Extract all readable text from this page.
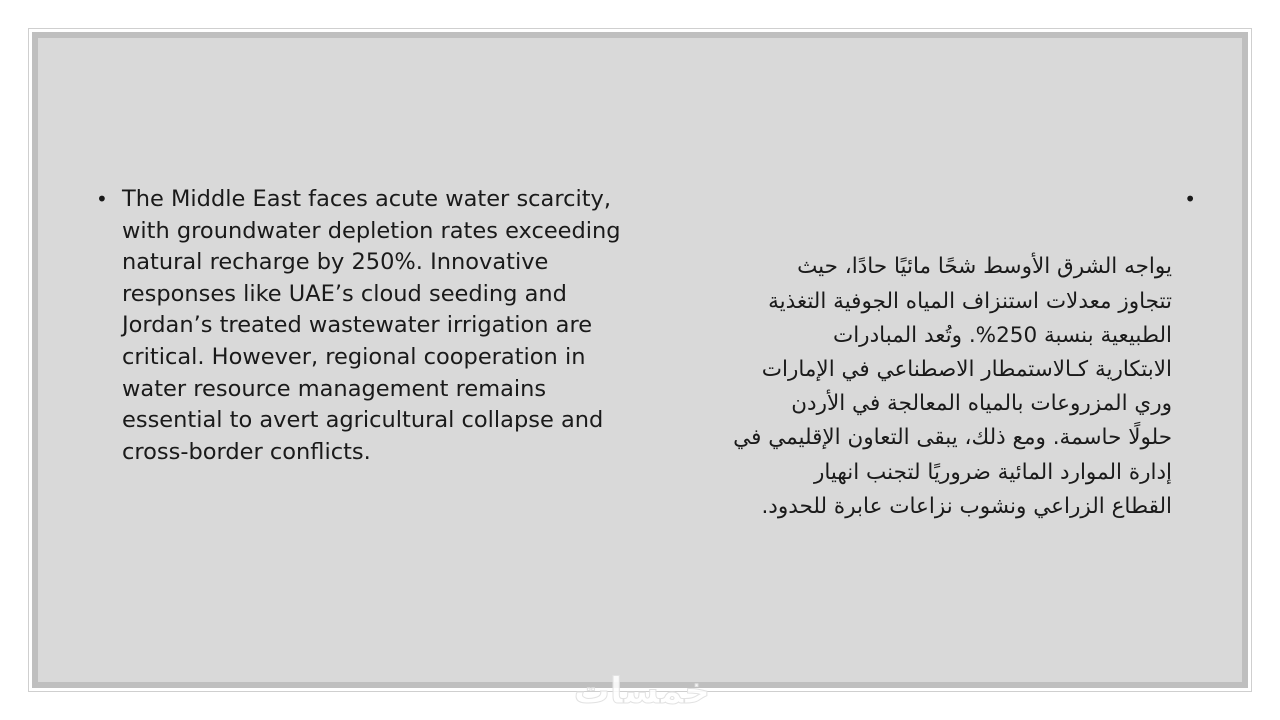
• The Middle East faces acute water scarcity, with groundwater depletion rates exceeding natural recharge by 250%. Innovative responses like UAE’s cloud seeding and Jordan’s treated wastewater irrigation are critical. However, regional cooperation in water resource management remains essential to avert agricultural collapse and cross-border conflicts.

•

يواجه الشرق الأوسط شحًا مائيًا حادًا، حيث
تتجاوز معدلات استنزاف المياه الجوفية التغذية
الطبيعية بنسبة 250%. وتُعد المبادرات
الابتكارية كـالاستمطار الاصطناعي في الإمارات
وري المزروعات بالمياه المعالجة في الأردن
حلولًا حاسمة. ومع ذلك، يبقى التعاون الإقليمي في
إدارة الموارد المائية ضروريًا لتجنب انهيار
القطاع الزراعي ونشوب نزاعات عابرة للحدود.

خمسات
